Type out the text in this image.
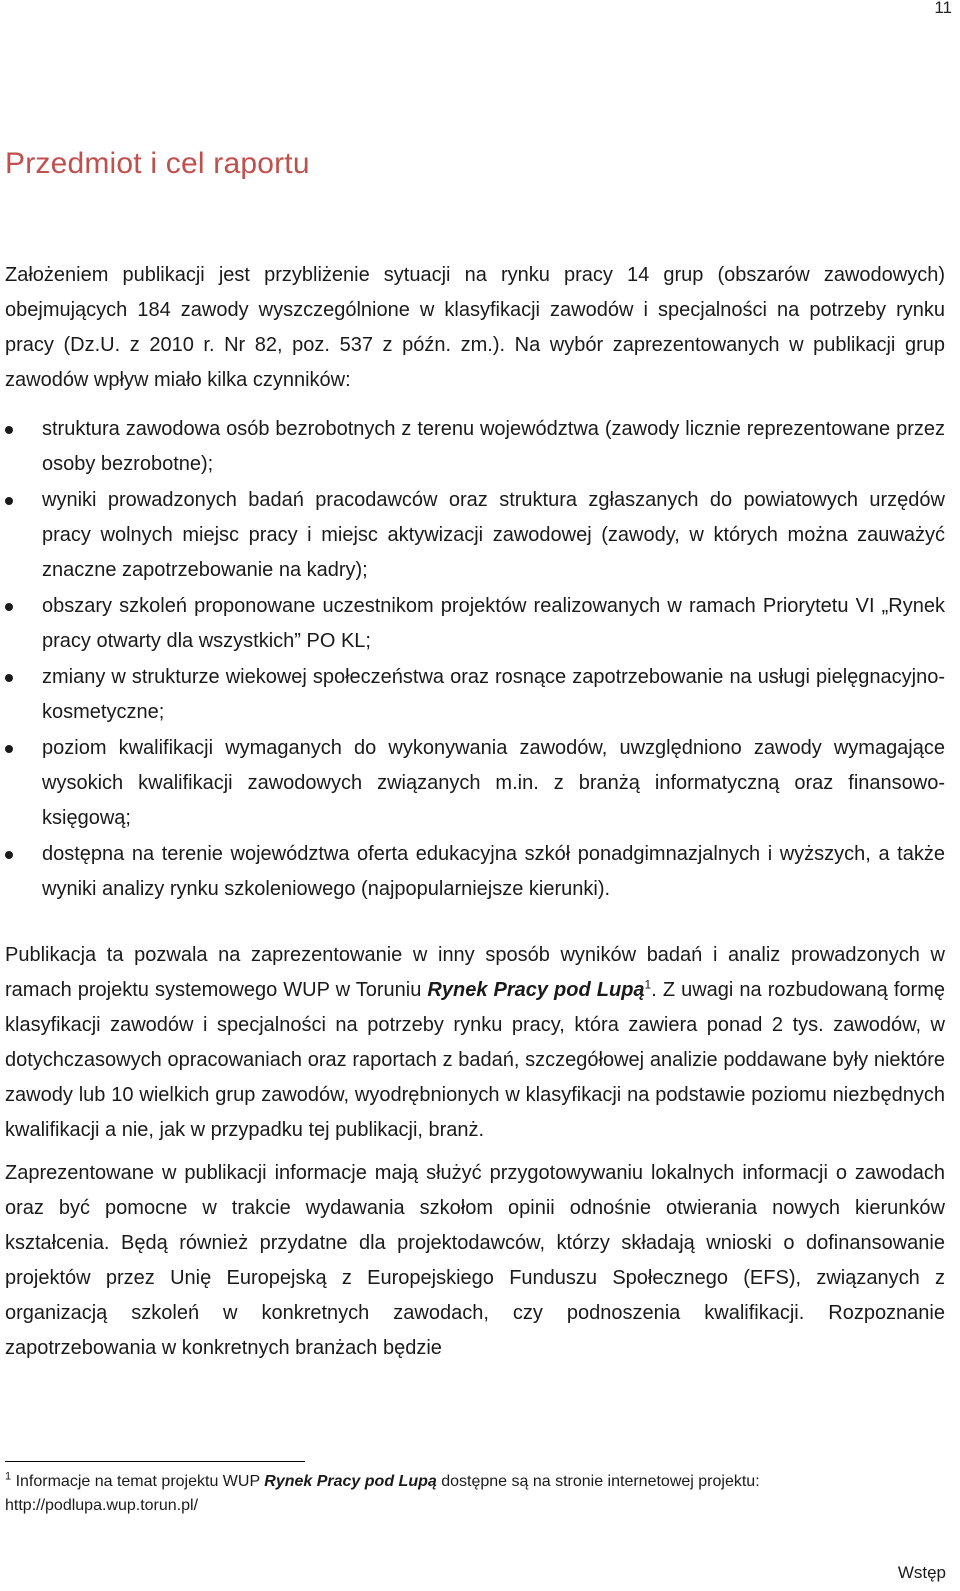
11
Przedmiot i cel raportu

Założeniem publikacji jest przybliżenie sytuacji na rynku pracy 14 grup (obszarów zawodowych) obejmujących 184 zawody wyszczególnione w klasyfikacji zawodów i specjalności na potrzeby rynku pracy (Dz.U. z 2010 r. Nr 82, poz. 537 z późn. zm.). Na wybór zaprezentowanych w publikacji grup zawodów wpływ miało kilka czynników:

struktura zawodowa osób bezrobotnych z terenu województwa (zawody licznie reprezentowane przez osoby bezrobotne);
wyniki prowadzonych badań pracodawców oraz struktura zgłaszanych do powiatowych urzędów pracy wolnych miejsc pracy i miejsc aktywizacji zawodowej (zawody, w których można zauważyć znaczne zapotrzebowanie na kadry);
obszary szkoleń proponowane uczestnikom projektów realizowanych w ramach Priorytetu VI „Rynek pracy otwarty dla wszystkich” PO KL;
zmiany w strukturze wiekowej społeczeństwa oraz rosnące zapotrzebowanie na usługi pielęgnacyjno-kosmetyczne;
poziom kwalifikacji wymaganych do wykonywania zawodów, uwzględniono zawody wymagające wysokich kwalifikacji zawodowych związanych m.in. z branżą informatyczną oraz finansowo-księgową;
dostępna na terenie województwa oferta edukacyjna szkół ponadgimnazjalnych i wyższych, a także wyniki analizy rynku szkoleniowego (najpopularniejsze kierunki).

Publikacja ta pozwala na zaprezentowanie w inny sposób wyników badań i analiz prowadzonych w ramach projektu systemowego WUP w Toruniu Rynek Pracy pod Lupą$^1$. Z uwagi na rozbudowaną formę klasyfikacji zawodów i specjalności na potrzeby rynku pracy, która zawiera ponad 2 tys. zawodów, w dotychczasowych opracowaniach oraz raportach z badań, szczegółowej analizie poddawane były niektóre zawody lub 10 wielkich grup zawodów, wyodrębnionych w klasyfikacji na podstawie poziomu niezbędnych kwalifikacji a nie, jak w przypadku tej publikacji, branż.

Zaprezentowane w publikacji informacje mają służyć przygotowywaniu lokalnych informacji o zawodach oraz być pomocne w trakcie wydawania szkołom opinii odnośnie otwierania nowych kierunków kształcenia. Będą również przydatne dla projektodawców, którzy składają wnioski o dofinansowanie projektów przez Unię Europejską z Europejskiego Funduszu Społecznego (EFS), związanych z organizacją szkoleń w konkretnych zawodach, czy podnoszenia kwalifikacji. Rozpoznanie zapotrzebowania w konkretnych branżach będzie

$^1$ Informacje na temat projektu WUP Rynek Pracy pod Lupą dostępne są na stronie internetowej projektu:
http://podlupa.wup.torun.pl/
Wstęp
